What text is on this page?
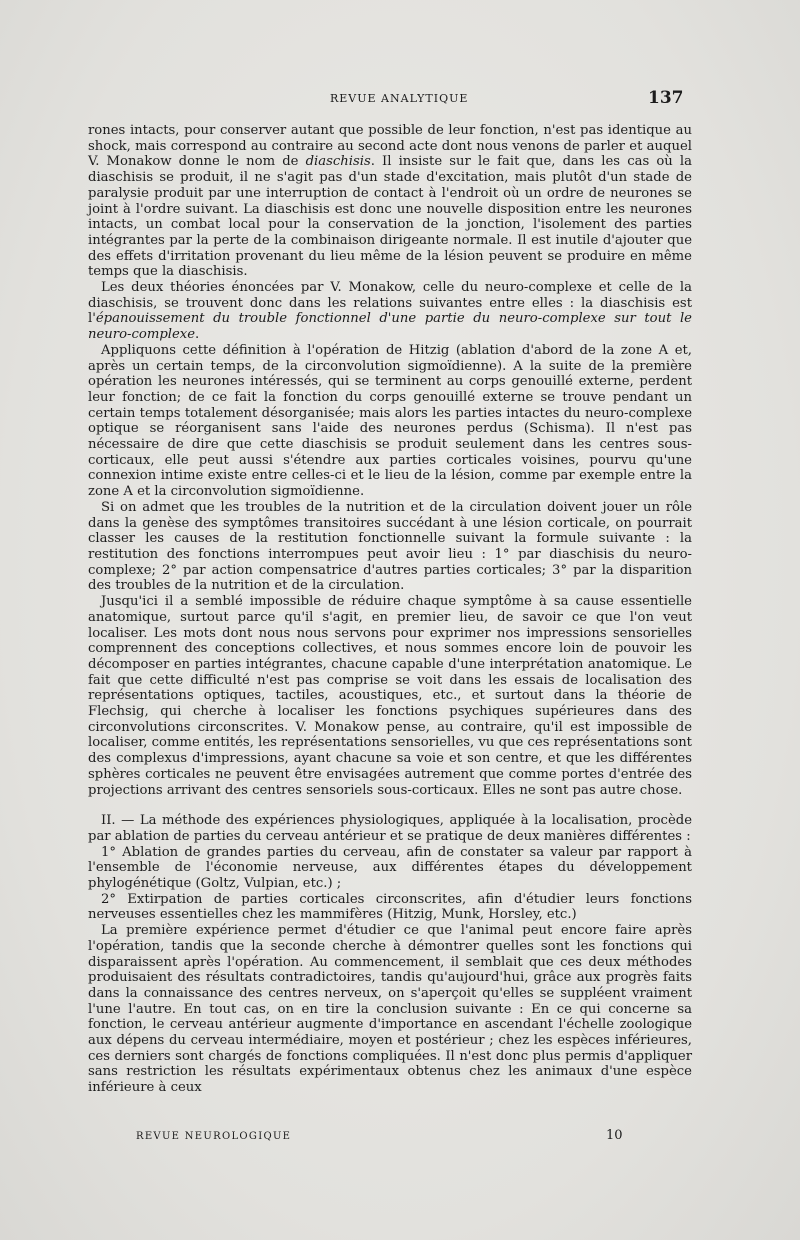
REVUE ANALYTIQUE	137

rones intacts, pour conserver autant que possible de leur fonction, n'est pas identique au shock, mais correspond au contraire au second acte dont nous venons de parler et auquel V. Monakow donne le nom de diaschisis. Il insiste sur le fait que, dans les cas où la diaschisis se produit, il ne s'agit pas d'un stade d'excitation, mais plutôt d'un stade de paralysie produit par une interruption de contact à l'endroit où un ordre de neurones se joint à l'ordre suivant. La diaschisis est donc une nouvelle disposition entre les neurones intacts, un combat local pour la conservation de la jonction, l'isolement des parties intégrantes par la perte de la combinaison dirigeante normale. Il est inutile d'ajouter que des effets d'irritation provenant du lieu même de la lésion peuvent se produire en même temps que la diaschisis.

Les deux théories énoncées par V. Monakow, celle du neuro-complexe et celle de la diaschisis, se trouvent donc dans les relations suivantes entre elles : la diaschisis est l'épanouissement du trouble fonctionnel d'une partie du neuro-complexe sur tout le neuro-complexe.

Appliquons cette définition à l'opération de Hitzig (ablation d'abord de la zone A et, après un certain temps, de la circonvolution sigmoïdienne). A la suite de la première opération les neurones intéressés, qui se terminent au corps genouillé externe, perdent leur fonction; de ce fait la fonction du corps genouillé externe se trouve pendant un certain temps totalement désorganisée; mais alors les parties intactes du neuro-complexe optique se réorganisent sans l'aide des neurones perdus (Schisma). Il n'est pas nécessaire de dire que cette diaschisis se produit seulement dans les centres sous-corticaux, elle peut aussi s'étendre aux parties corticales voisines, pourvu qu'une connexion intime existe entre celles-ci et le lieu de la lésion, comme par exemple entre la zone A et la circonvolution sigmoïdienne.

Si on admet que les troubles de la nutrition et de la circulation doivent jouer un rôle dans la genèse des symptômes transitoires succédant à une lésion corticale, on pourrait classer les causes de la restitution fonctionnelle suivant la formule suivante : la restitution des fonctions interrompues peut avoir lieu : 1° par diaschisis du neuro-complexe; 2° par action compensatrice d'autres parties corticales; 3° par la disparition des troubles de la nutrition et de la circulation.

Jusqu'ici il a semblé impossible de réduire chaque symptôme à sa cause essentielle anatomique, surtout parce qu'il s'agit, en premier lieu, de savoir ce que l'on veut localiser. Les mots dont nous nous servons pour exprimer nos impressions sensorielles comprennent des conceptions collectives, et nous sommes encore loin de pouvoir les décomposer en parties intégrantes, chacune capable d'une interprétation anatomique. Le fait que cette difficulté n'est pas comprise se voit dans les essais de localisation des représentations optiques, tactiles, acoustiques, etc., et surtout dans la théorie de Flechsig, qui cherche à localiser les fonctions psychiques supérieures dans des circonvolutions circonscrites. V. Monakow pense, au contraire, qu'il est impossible de localiser, comme entités, les représentations sensorielles, vu que ces représentations sont des complexus d'impressions, ayant chacune sa voie et son centre, et que les différentes sphères corticales ne peuvent être envisagées autrement que comme portes d'entrée des projections arrivant des centres sensoriels sous-corticaux. Elles ne sont pas autre chose.

II. — La méthode des expériences physiologiques, appliquée à la localisation, procède par ablation de parties du cerveau antérieur et se pratique de deux manières différentes :

1° Ablation de grandes parties du cerveau, afin de constater sa valeur par rapport à l'ensemble de l'économie nerveuse, aux différentes étapes du développement phylogénétique (Goltz, Vulpian, etc.) ;

2° Extirpation de parties corticales circonscrites, afin d'étudier leurs fonctions nerveuses essentielles chez les mammifères (Hitzig, Munk, Horsley, etc.)

La première expérience permet d'étudier ce que l'animal peut encore faire après l'opération, tandis que la seconde cherche à démontrer quelles sont les fonctions qui disparaissent après l'opération. Au commencement, il semblait que ces deux méthodes produisaient des résultats contradictoires, tandis qu'aujourd'hui, grâce aux progrès faits dans la connaissance des centres nerveux, on s'aperçoit qu'elles se suppléent vraiment l'une l'autre. En tout cas, on en tire la conclusion suivante : En ce qui concerne sa fonction, le cerveau antérieur augmente d'importance en ascendant l'échelle zoologique aux dépens du cerveau intermédiaire, moyen et postérieur ; chez les espèces inférieures, ces derniers sont chargés de fonctions compliquées. Il n'est donc plus permis d'appliquer sans restriction les résultats expérimentaux obtenus chez les animaux d'une espèce inférieure à ceux

REVUE NEUROLOGIQUE	10
